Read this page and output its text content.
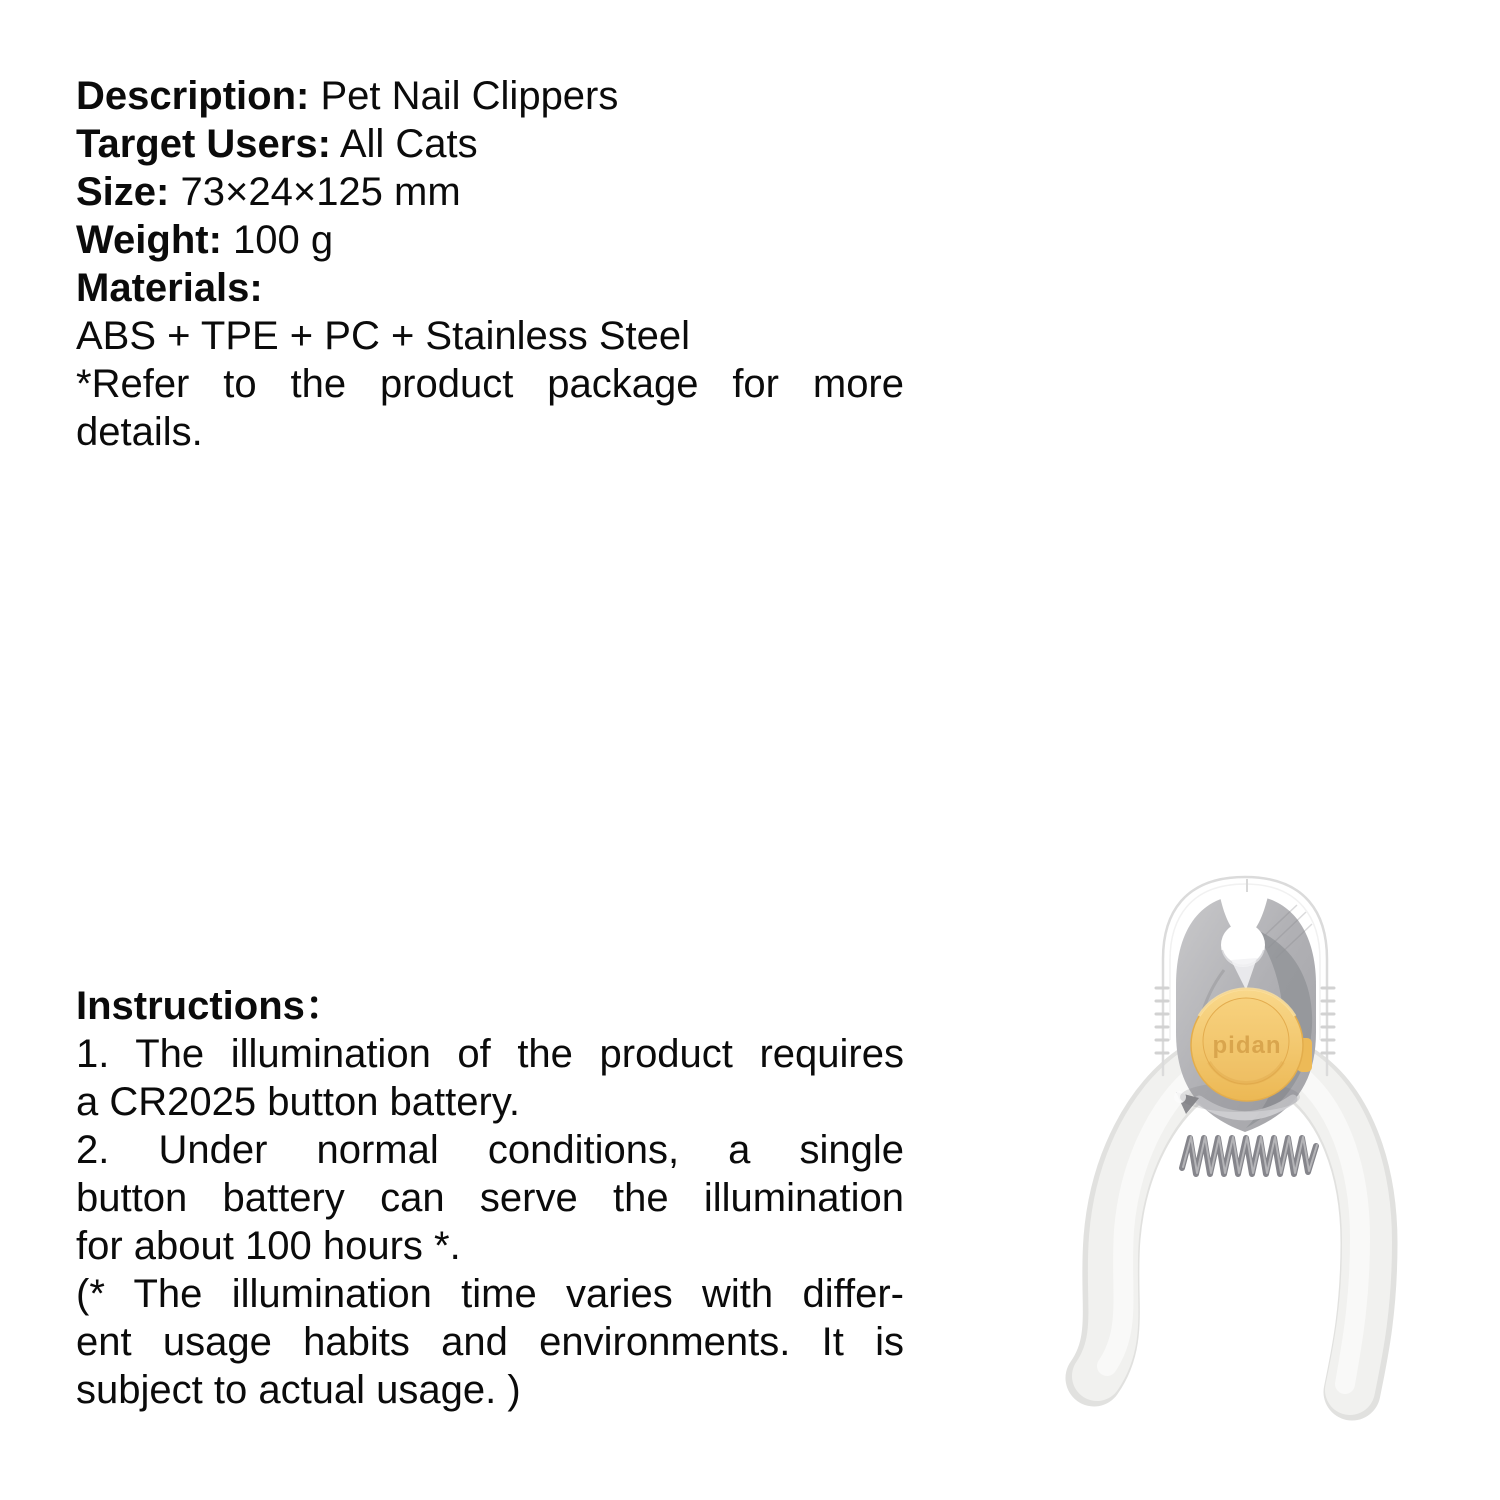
Description: Pet Nail Clippers
Target Users: All Cats
Size: 73×24×125 mm
Weight: 100 g
Materials:
ABS + TPE + PC + Stainless Steel
*Refer to the product package for more
details.
Instructions：
1. The illumination of the product requires
a CR2025 button battery.
2. Under normal conditions, a single
button battery can serve the illumination
for about 100 hours *.
(* The illumination time varies with differ-
ent usage habits and environments. It is
subject to actual usage. )
pidan
